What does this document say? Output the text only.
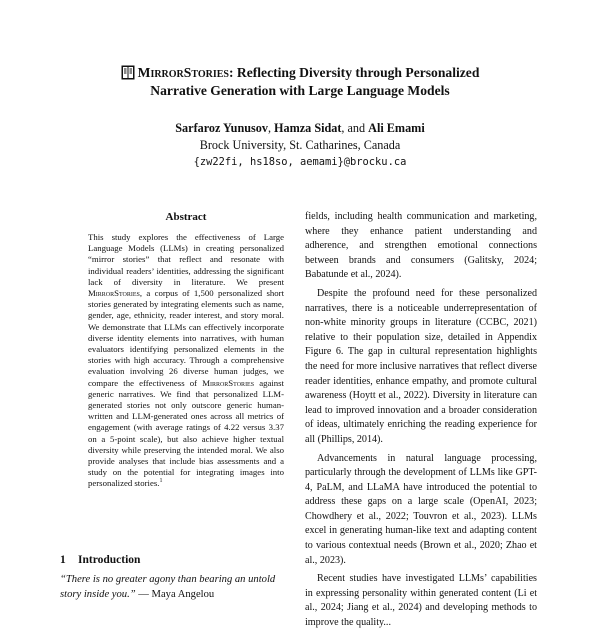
MirrorStories: Reflecting Diversity through Personalized
Narrative Generation with Large Language Models
Sarfaroz Yunusov, Hamza Sidat, and Ali Emami
Brock University, St. Catharines, Canada
{zw22fi, hs18so, aemami}@brocku.ca
Abstract

This study explores the effectiveness of Large Language Models (LLMs) in creating personalized “mirror stories” that reflect and resonate with individual readers’ identities, addressing the significant lack of diversity in literature. We present MirrorStories, a corpus of 1,500 personalized short stories generated by integrating elements such as name, gender, age, ethnicity, reader interest, and story moral. We demonstrate that LLMs can effectively incorporate diverse identity elements into narratives, with human evaluators identifying personalized elements in the stories with high accuracy. Through a comprehensive evaluation involving 26 diverse human judges, we compare the effectiveness of MirrorStories against generic narratives. We find that personalized LLM-generated stories not only outscore generic human-written and LLM-generated ones across all metrics of engagement (with average ratings of 4.22 versus 3.37 on a 5-point scale), but also achieve higher textual diversity while preserving the intended moral. We also provide analyses that include bias assessments and a study on the potential for integrating images into personalized stories.$^1$

1 Introduction
“There is no greater agony than bearing an untold story inside you.” — Maya Angelou

fields, including health communication and marketing, where they enhance patient understanding and adherence, and strengthen emotional connections between brands and consumers (Galitsky, 2024; Babatunde et al., 2024).

Despite the profound need for these personalized narratives, there is a noticeable underrepresentation of non-white minority groups in literature (CCBC, 2021) relative to their population size, detailed in Appendix Figure 6. The gap in cultural representation highlights the need for more inclusive narratives that reflect diverse reader identities, enhance empathy, and promote cultural awareness (Hoytt et al., 2022). Diversity in literature can lead to improved innovation and a broader consideration of ideas, ultimately enriching the reading experience for all (Phillips, 2014).

Advancements in natural language processing, particularly through the development of LLMs like GPT-4, PaLM, and LLaMA have introduced the potential to address these gaps on a large scale (OpenAI, 2023; Chowdhery et al., 2022; Touvron et al., 2023). LLMs excel in generating human-like text and adapting content to various contextual needs (Brown et al., 2020; Zhao et al., 2023).

Recent studies have investigated LLMs’ capabilities in expressing personality within generated content (Li et al., 2024; Jiang et al., 2024) and developing methods to improve the quality...
